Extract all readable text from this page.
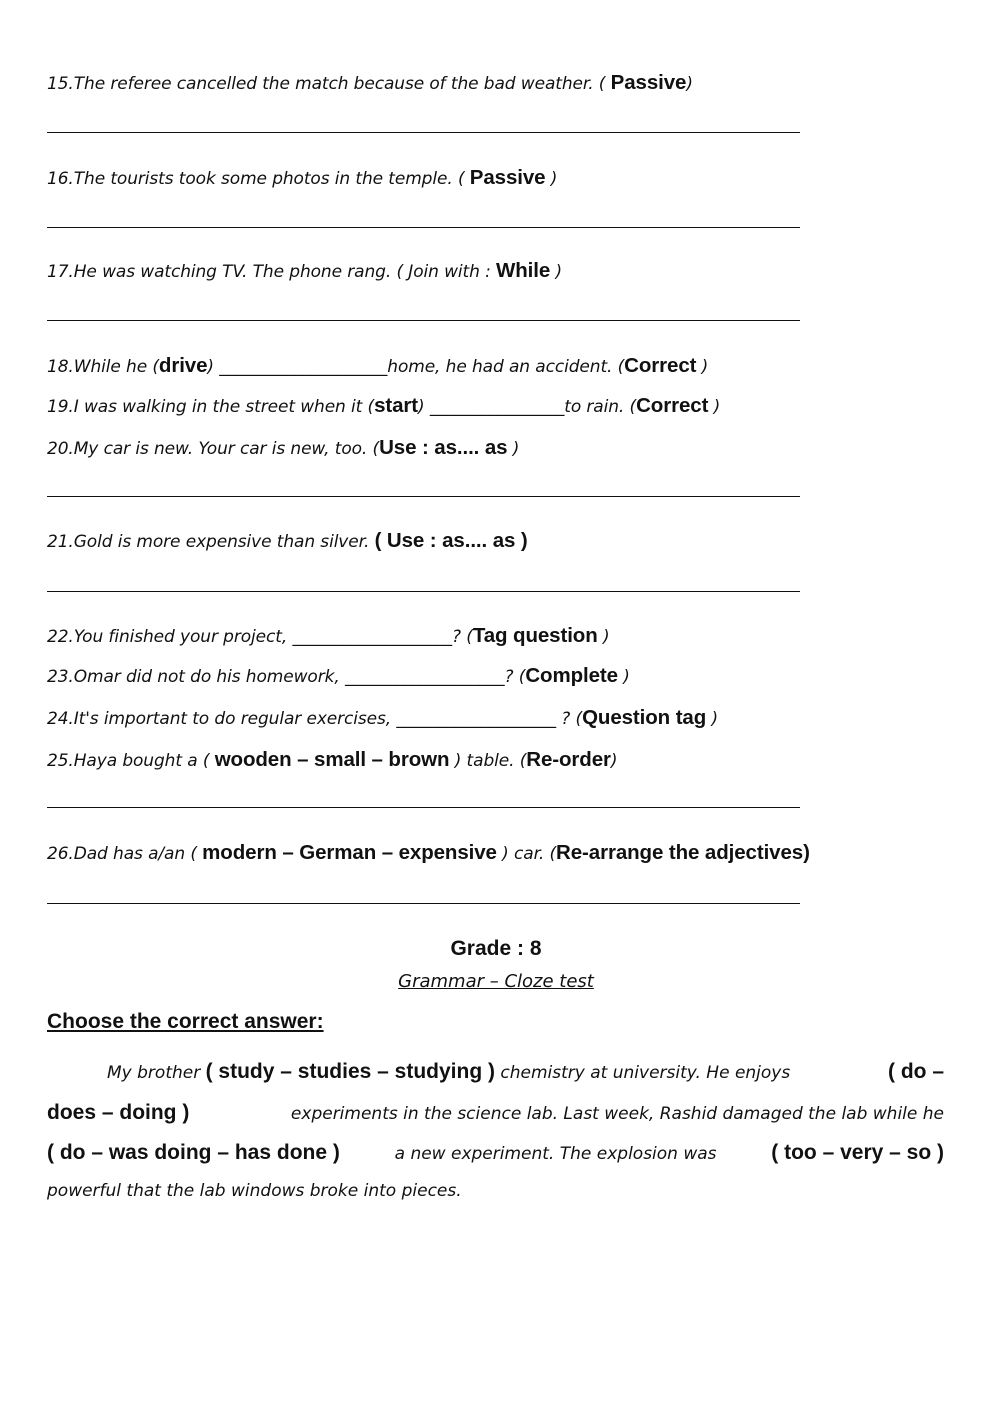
15.The referee cancelled the match because of the bad weather. ( Passive)
16.The tourists took some photos in the temple. ( Passive )
17.He was watching TV. The phone rang. ( Join with : While )
18.While he (drive) ____________________home, he had an accident. (Correct )
19.I was walking in the street when it (start) ________________to rain. (Correct )
20.My car is new. Your car is new, too. (Use : as.... as )
21.Gold is more expensive than silver. ( Use : as.... as )
22.You finished your project, ___________________? (Tag question )
23.Omar did not do his homework, ___________________? (Complete )
24.It's important to do regular exercises, ___________________ ? (Question tag )
25.Haya bought a ( wooden – small – brown ) table. (Re-order)
26.Dad has a/an ( modern – German – expensive ) car. (Re-arrange the adjectives)
Grade : 8
Grammar – Cloze test
Choose the correct answer:
My brother ( study – studies – studying ) chemistry at university. He enjoys	( do –
does – doing )	experiments in the science lab. Last week, Rashid damaged the lab while he
( do – was doing – has done )	a new experiment. The explosion was	( too – very – so )
powerful that the lab windows broke into pieces.
